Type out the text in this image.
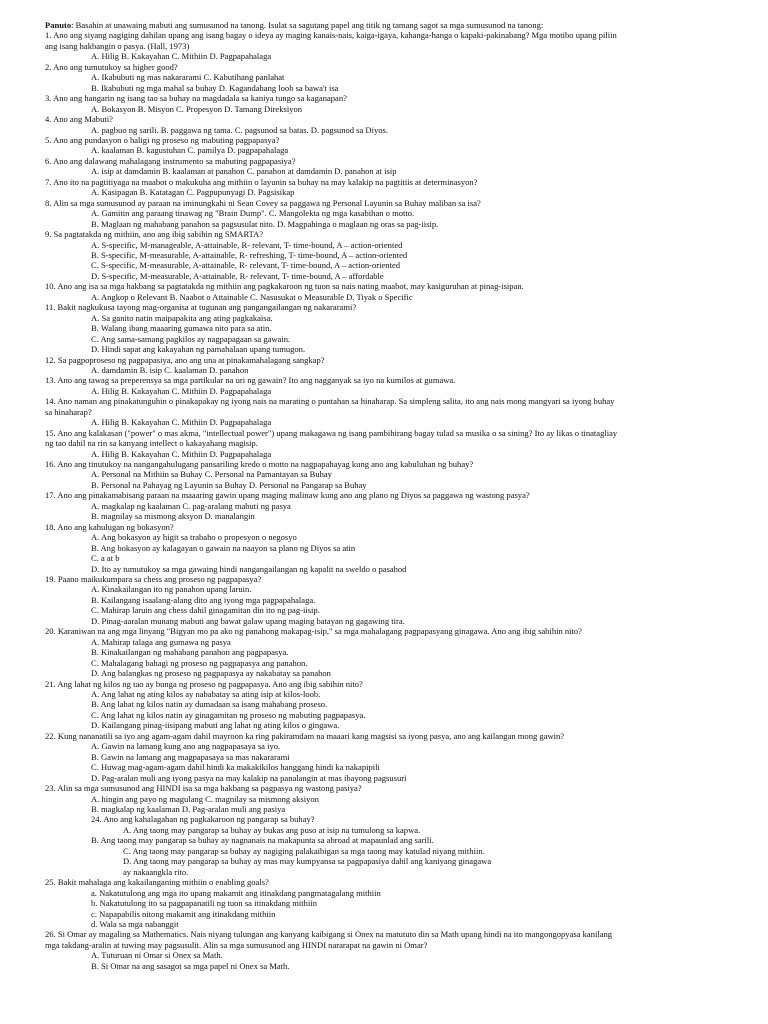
Panuto: Basahin at unawaing mabuti ang sumusunod na tanong. Isulat sa sagutang papel ang titik ng tamang sagot sa mga sumusunod na tanong:
1. Ano ang siyang nagiging dahilan upang ang isang bagay o ideya ay maging kanais-nais, kaiga-igaya, kahanga-hanga o kapaki-pakinabang? Mga motibo upang piliin
ang isang hakbangin o pasya. (Hall, 1973)
A. Hilig B. Kakayahan C. Mithiin D. Pagpapahalaga
2. Ano ang tumutukoy sa higher good?
A. Ikabubuti ng mas nakararami C. Kabutihang panlahat
B. Ikabubuti ng mga mahal sa buhay D. Kagandahang loob sa bawa't isa
3. Ano ang hangarin ng isang tao sa buhay na magdadala sa kaniya tungo sa kaganapan?
A. Bokasyon B. Misyon C. Propesyon D. Tamang Direksiyon
4. Ano ang Mabuti?
A. pagbuo ng sarili. B. paggawa ng tama. C. pagsunod sa batas. D. pagsunod sa Diyos.
5. Ano ang pundasyon o haligi ng proseso ng mabuting pagpapasya?
A. kaalaman B. kagustuhan C. pamilya D. pagpapahalaga
6. Ano ang dalawang mahalagang instrumento sa mabuting pagpapasiya?
A. isip at damdamin B. kaalaman at panahon C. panahon at damdamin D. panahon at isip
7. Ano ito na pagtitiyaga na maabot o makukuha ang mithiin o layunin sa buhay na may kalakip na pagtitiis at determinasyon?
A. Kasipagan B. Katatagan C. Pagpupunyagi D. Pagsisikap
8. Alin sa mga sumusunod ay paraan na iminungkahi ni Sean Covey sa paggawa ng Personal Layunin sa Buhay maliban sa isa?
A. Gamitin ang paraang tinawag ng "Brain Dump". C. Mangolekta ng mga kasabihan o motto.
B. Maglaan ng mahabang panahon sa pagsusulat nito. D. Magpahinga o maglaan ng oras sa pag-iisip.
9. Sa pagtatakda ng mithiin, ano ang ibig sabihin ng SMARTA?
A. S-specific, M-manageable, A-attainable, R- relevant, T- time-bound, A – action-oriented
B. S-specific, M-measurable, A-attainable, R- refreshing, T- time-bound, A – action-oriented
C. S-specific, M-measurable, A-attainable, R- relevant, T- time-bound, A – action-oriented
D. S-specific, M-measurable, A-attainable, R- relevant, T- time-bound, A – affordable
10. Ano ang isa sa mga hakbang sa pagtatakda ng mithiin ang pagkakaroon ng tuon sa nais nating maabot, may kasiguruhan at pinag-isipan.
A. Angkop o Relevant B. Naabot o Attainable C. Nasusukat o Measurable D. Tiyak o Specific
11. Bakit nagkukusa tayong mag-organisa at tugunan ang pangangailangan ng nakararami?
A. Sa ganito natin maipapakita ang ating pagkakaisa.
B. Walang ibang maaaring gumawa nito para sa atin.
C. Ang sama-samang pagkilos ay nagpapagaan sa gawain.
D. Hindi sapat ang kakayahan ng pamahalaan upang tumugon.
12. Sa pagpoproseso ng pagpapasiya, ano ang una at pinakamahalagang sangkap?
A. damdamin B. isip C. kaalaman D. panahon
13. Ano ang tawag sa preperensya sa mga partikular na uri ng gawain? Ito ang nagganyak sa iyo na kumilos at gumawa.
A. Hilig B. Kakayahan C. Mithiin D. Pagpapahalaga
14. Ano naman ang pinakatunguhin o pinakapakay ng iyong nais na marating o puntahan sa hinaharap. Sa simpleng salita, ito ang nais mong mangyari sa iyong buhay
sa hinaharap?
A. Hilig B. Kakayahan C. Mithiin D. Pagpapahalaga
15. Ano ang kalakasan ("power" o mas akma, "intellectual power") upang makagawa ng isang pambihirang bagay tulad sa musika o sa sining? Ito ay likas o tinatagliay
ng tao dahil na rin sa kanyang intellect o kakayahang magisip.
A. Hilig B. Kakayahan C. Mithiin D. Pagpapahalaga
16. Ano ang tinutukoy na nangangahulugang pansariling kredo o motto na nagpapahayag kung ano ang kabuluhan ng buhay?
A. Personal na Mithiin sa Buhay C. Personal na Pamantayan sa Buhay
B. Personal na Pahayag ng Layunin sa Buhay D. Personal na Pangarap sa Buhay
17. Ano ang pinakamabisang paraan na maaaring gawin upang maging malinaw kung ano ang plano ng Diyos sa paggawa ng wastong pasya?
A. magkalap ng kaalaman C. pag-aralang mabuti ng pasya
B. magnilay sa mismong aksyon D. manalangin
18. Ano ang kahulugan ng bokasyon?
A. Ang bokasyon ay higit sa trabaho o propesyon o negosyo
B. Ang bokasyon ay kalagayan o gawain na naayon sa plano ng Diyos sa atin
C. a at b
D. Ito ay tumutukoy sa mga gawaing hindi nangangailangan ng kapalit na sweldo o pasahod
19. Paano maikukumpara sa chess ang proseso ng pagpapasya?
A. Kinakailangan ito ng panahon upang laruin.
B. Kailangang isaalang-alang dito ang iyong mga pagpapahalaga.
C. Mahirap laruin ang chess dahil ginagamitan din ito ng pag-iisip.
D. Pinag-aaralan munang mabuti ang bawat galaw upang maging batayan ng gagawing tira.
20. Karaniwan na ang mga linyang "Bigyan mo pa ako ng panahong makapag-isip," sa mga mahalagang pagpapasyang ginagawa. Ano ang ibig sabihin nito?
A. Mahirap talaga ang gumawa ng pasya
B. Kinakailangan ng mahabang panahon ang pagpapasya.
C. Mahalagang bahagi ng proseso ng pagpapasya ang panahon.
D. Ang balangkas ng proseso ng pagpapasya ay nakabatay sa panahon
21. Ang lahat ng kilos ng tao ay bunga ng proseso ng pagpapasya. Ano ang ibig sabihin nito?
A. Ang lahat ng ating kilos ay nababatay sa ating isip at kilos-loob.
B. Ang lahat ng kilos natin ay dumadaan sa isang mahabang proseso.
C. Ang lahat ng kilos natin ay ginagamitan ng proseso ng mabuting pagpapasya.
D. Kailangang pinag-iisipang mabuti ang lahat ng ating kilos o gingawa.
22. Kung nananatili sa iyo ang agam-agam dahil mayroon ka ring pakiramdam na maaari kang magsisi sa iyong pasya, ano ang kailangan mong gawin?
A. Gawin na lamang kung ano ang nagpapasaya sa iyo.
B. Gawin na lamang ang magpapasaya sa mas nakararami
C. Huwag mag-agam-agam dahil hindi ka makakikilos hanggang hindi ka nakapipili
D. Pag-aralan muli ang iyong pasya na may kalakip na panalangin at mas ibayong pagsusuri
23. Alin sa mga sumusunod ang HINDI isa sa mga hakbang sa pagpasya ng wastong pasiya?
A. hingin ang payo ng magulang C. magnilay sa mismong aksiyon
B. magkalap ng kaalaman D. Pag-aralan muli ang pasiya
24. Ano ang kahalagahan ng pagkakaroon ng pangarap sa buhay?
A. Ang taong may pangarap sa buhay ay bukas ang puso at isip na tumulong sa kapwa.
B. Ang taong may pangarap sa buhay ay nagnanais na makapunta sa abroad at mapaunlad ang sarili.
C. Ang taong may pangarap sa buhay ay nagiging palakaibigan sa mga taong may katulad niyang mithiin.
D. Ang taong may pangarap sa buhay ay mas may kumpyansa sa pagpapasiya dahil ang kaniyang ginagawa
ay nakaangkla rito.
25. Bakit mahalaga ang kakailanganing mithiin o enabling goals?
a. Nakatutulong ang mga ito upang makamit ang itinakdang pangmatagalang mithiin
b. Nakatutulong ito sa pagpapanatili ng tuon sa itinakdang mithiin
c. Napapabilis nitong makamit ang itinakdang mithiin
d. Wala sa mga nabanggit
26. Si Omar ay magaling sa Mathematics. Nais niyang tulungan ang kanyang kaibigang si Onex na matututo din sa Math upang hindi na ito mangongopyasa kanilang
mga takdang-aralin at tuwing may pagsusulit. Alin sa mga sumusunod ang HINDI nararapat na gawin ni Omar?
A. Tuturuan ni Omar si Onex sa Math.
B. Si Omar na ang sasagot sa mga papel ni Onex sa Math.
